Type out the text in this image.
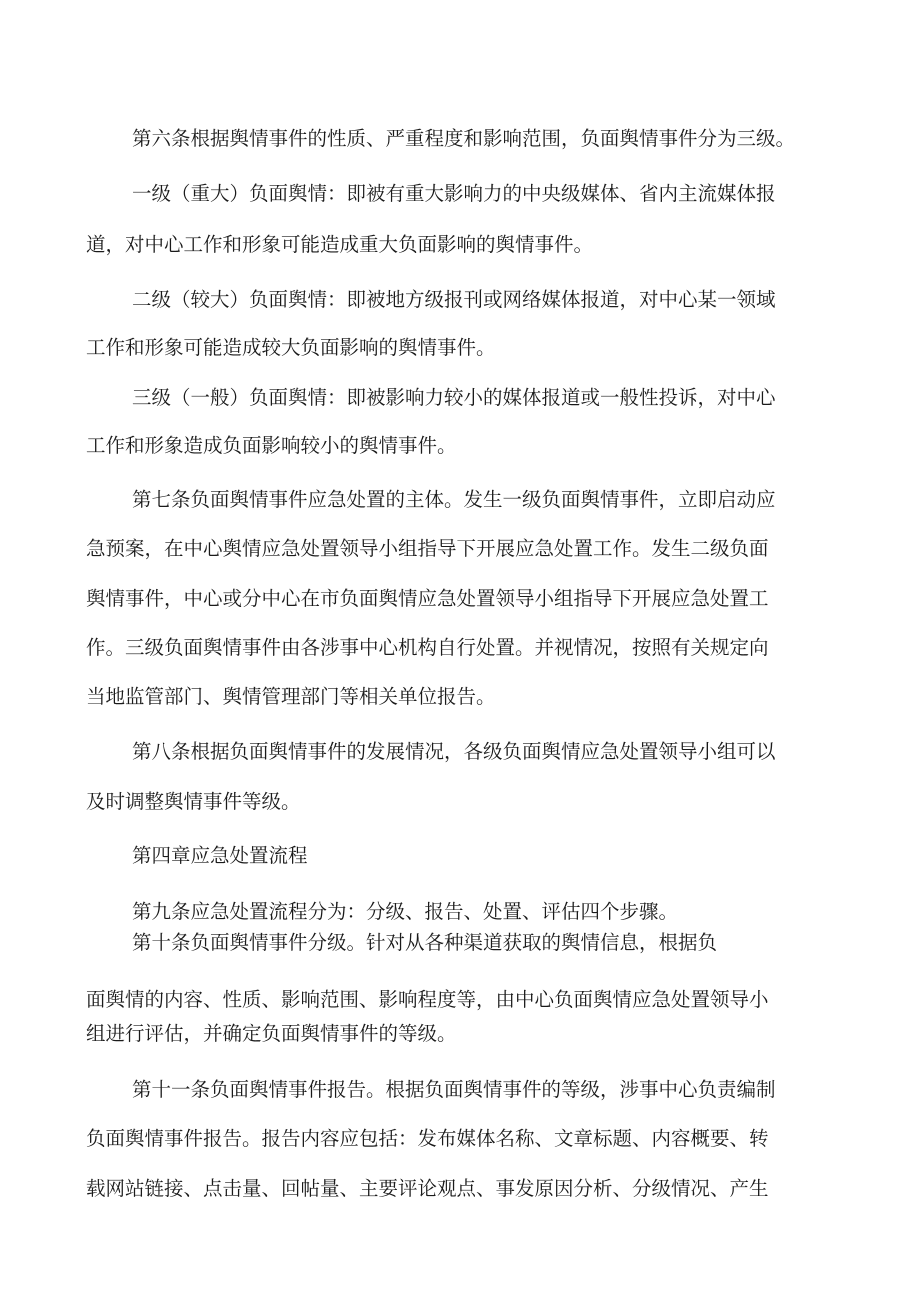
第六条根据舆情事件的性质、严重程度和影响范围，负面舆情事件分为三级。

一级（重大）负面舆情：即被有重大影响力的中央级媒体、省内主流媒体报

道，对中心工作和形象可能造成重大负面影响的舆情事件。

二级（较大）负面舆情：即被地方级报刊或网络媒体报道，对中心某一领域

工作和形象可能造成较大负面影响的舆情事件。

三级（一般）负面舆情：即被影响力较小的媒体报道或一般性投诉，对中心

工作和形象造成负面影响较小的舆情事件。

第七条负面舆情事件应急处置的主体。发生一级负面舆情事件，立即启动应

急预案，在中心舆情应急处置领导小组指导下开展应急处置工作。发生二级负面

舆情事件，中心或分中心在市负面舆情应急处置领导小组指导下开展应急处置工

作。三级负面舆情事件由各涉事中心机构自行处置。并视情况，按照有关规定向

当地监管部门、舆情管理部门等相关单位报告。

第八条根据负面舆情事件的发展情况，各级负面舆情应急处置领导小组可以

及时调整舆情事件等级。

第四章应急处置流程

第九条应急处置流程分为：分级、报告、处置、评估四个步骤。

第十条负面舆情事件分级。针对从各种渠道获取的舆情信息，根据负

面舆情的内容、性质、影响范围、影响程度等，由中心负面舆情应急处置领导小

组进行评估，并确定负面舆情事件的等级。

第十一条负面舆情事件报告。根据负面舆情事件的等级，涉事中心负责编制

负面舆情事件报告。报告内容应包括：发布媒体名称、文章标题、内容概要、转

载网站链接、点击量、回帖量、主要评论观点、事发原因分析、分级情况、产生
